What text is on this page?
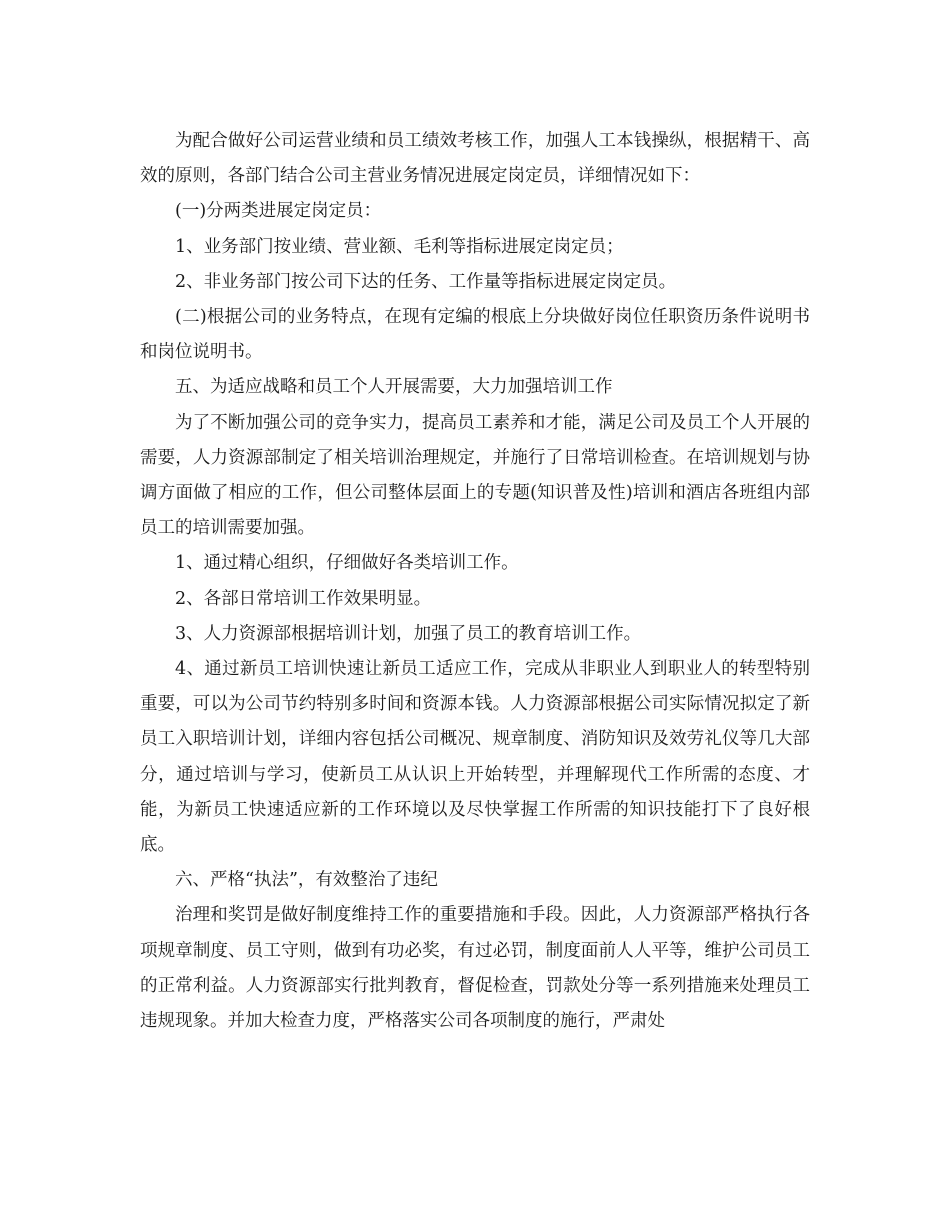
为配合做好公司运营业绩和员工绩效考核工作，加强人工本钱操纵，根据精干、高效的原则，各部门结合公司主营业务情况进展定岗定员，详细情况如下：

(一)分两类进展定岗定员：

1、业务部门按业绩、营业额、毛利等指标进展定岗定员；

2、非业务部门按公司下达的任务、工作量等指标进展定岗定员。

(二)根据公司的业务特点，在现有定编的根底上分块做好岗位任职资历条件说明书和岗位说明书。

五、为适应战略和员工个人开展需要，大力加强培训工作

为了不断加强公司的竞争实力，提高员工素养和才能，满足公司及员工个人开展的需要，人力资源部制定了相关培训治理规定，并施行了日常培训检查。在培训规划与协调方面做了相应的工作，但公司整体层面上的专题(知识普及性)培训和酒店各班组内部员工的培训需要加强。

1、通过精心组织，仔细做好各类培训工作。

2、各部日常培训工作效果明显。

3、人力资源部根据培训计划，加强了员工的教育培训工作。

4、通过新员工培训快速让新员工适应工作，完成从非职业人到职业人的转型特别重要，可以为公司节约特别多时间和资源本钱。人力资源部根据公司实际情况拟定了新员工入职培训计划，详细内容包括公司概况、规章制度、消防知识及效劳礼仪等几大部分，通过培训与学习，使新员工从认识上开始转型，并理解现代工作所需的态度、才能，为新员工快速适应新的工作环境以及尽快掌握工作所需的知识技能打下了良好根底。

六、严格“执法”，有效整治了违纪

治理和奖罚是做好制度维持工作的重要措施和手段。因此，人力资源部严格执行各项规章制度、员工守则，做到有功必奖，有过必罚，制度面前人人平等，维护公司员工的正常利益。人力资源部实行批判教育，督促检查，罚款处分等一系列措施来处理员工违规现象。并加大检查力度，严格落实公司各项制度的施行，严肃处
